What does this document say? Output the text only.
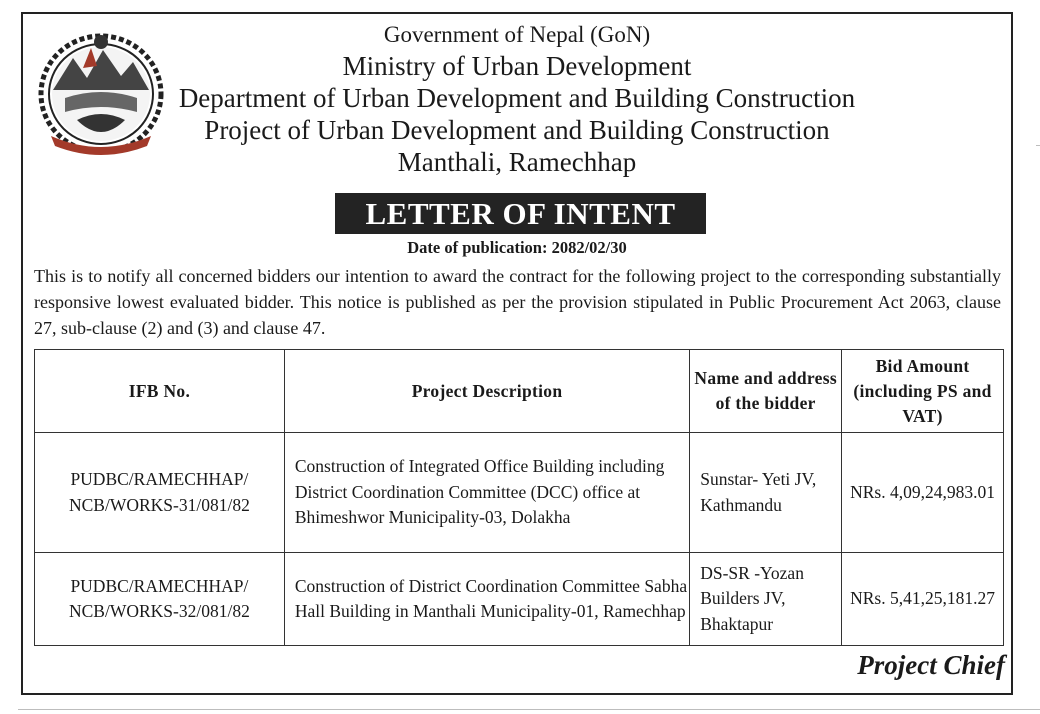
Government of Nepal (GoN)
Ministry of Urban Development
Department of Urban Development and Building Construction
Project of Urban Development and Building Construction
Manthali, Ramechhap
LETTER OF INTENT
Date of publication: 2082/02/30
This is to notify all concerned bidders our intention to award the contract for the following project to the corresponding substantially responsive lowest evaluated bidder. This notice is published as per the provision stipulated in Public Procurement Act 2063, clause 27, sub-clause (2) and (3) and clause 47.
IFB No.	Project Description	Name and address of the bidder	Bid Amount (including PS and VAT)
PUDBC/RAMECHHAP/ NCB/WORKS-31/081/82	Construction of Integrated Office Building including District Coordination Committee (DCC) office at Bhimeshwor Municipality-03, Dolakha	Sunstar- Yeti JV, Kathmandu	NRs. 4,09,24,983.01
PUDBC/RAMECHHAP/ NCB/WORKS-32/081/82	Construction of District Coordination Committee Sabha Hall Building in Manthali Municipality-01, Ramechhap	DS-SR -Yozan Builders JV, Bhaktapur	NRs. 5,41,25,181.27
Project Chief
